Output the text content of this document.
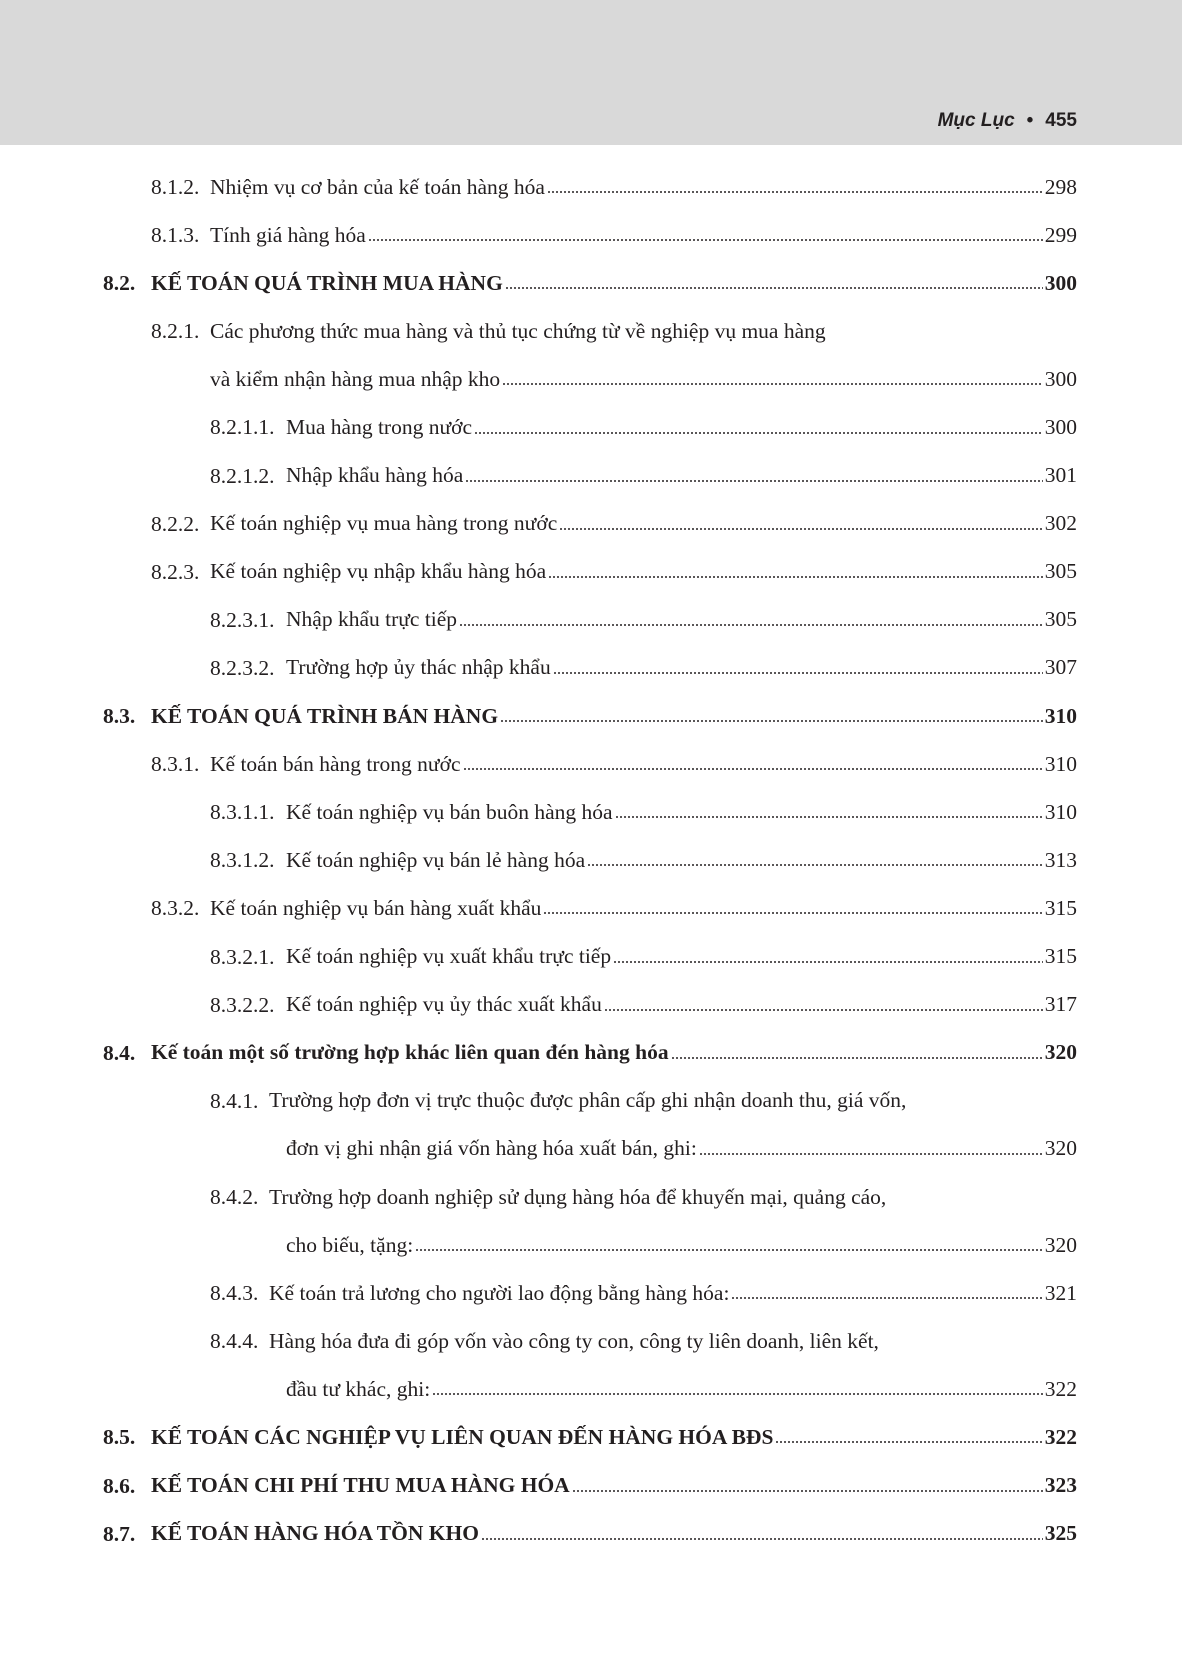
Mục Lục • 455
8.1.2. Nhiệm vụ cơ bản của kế toán hàng hóa	298
8.1.3. Tính giá hàng hóa	299
8.2. KẾ TOÁN QUÁ TRÌNH MUA HÀNG	300
8.2.1. Các phương thức mua hàng và thủ tục chứng từ về nghiệp vụ mua hàng
và kiểm nhận hàng mua nhập kho	300
8.2.1.1. Mua hàng trong nước	300
8.2.1.2. Nhập khẩu hàng hóa	301
8.2.2. Kế toán nghiệp vụ mua hàng trong nước	302
8.2.3. Kế toán nghiệp vụ nhập khẩu hàng hóa	305
8.2.3.1. Nhập khẩu trực tiếp	305
8.2.3.2. Trường hợp ủy thác nhập khẩu	307
8.3. KẾ TOÁN QUÁ TRÌNH BÁN HÀNG	310
8.3.1. Kế toán bán hàng trong nước	310
8.3.1.1. Kế toán nghiệp vụ bán buôn hàng hóa	310
8.3.1.2. Kế toán nghiệp vụ bán lẻ hàng hóa	313
8.3.2. Kế toán nghiệp vụ bán hàng xuất khẩu	315
8.3.2.1. Kế toán nghiệp vụ xuất khẩu trực tiếp	315
8.3.2.2. Kế toán nghiệp vụ ủy thác xuất khẩu	317
8.4. Kế toán một số trường hợp khác liên quan đén hàng hóa	320
8.4.1. Trường hợp đơn vị trực thuộc được phân cấp ghi nhận doanh thu, giá vốn,
đơn vị ghi nhận giá vốn hàng hóa xuất bán, ghi:	320
8.4.2. Trường hợp doanh nghiệp sử dụng hàng hóa để khuyến mại, quảng cáo,
cho biếu, tặng:	320
8.4.3. Kế toán trả lương cho người lao động bằng hàng hóa:	321
8.4.4. Hàng hóa đưa đi góp vốn vào công ty con, công ty liên doanh, liên kết,
đầu tư khác, ghi:	322
8.5. KẾ TOÁN CÁC NGHIỆP VỤ LIÊN QUAN ĐẾN HÀNG HÓA BĐS	322
8.6. KẾ TOÁN CHI PHÍ THU MUA HÀNG HÓA	323
8.7. KẾ TOÁN HÀNG HÓA TỒN KHO	325
